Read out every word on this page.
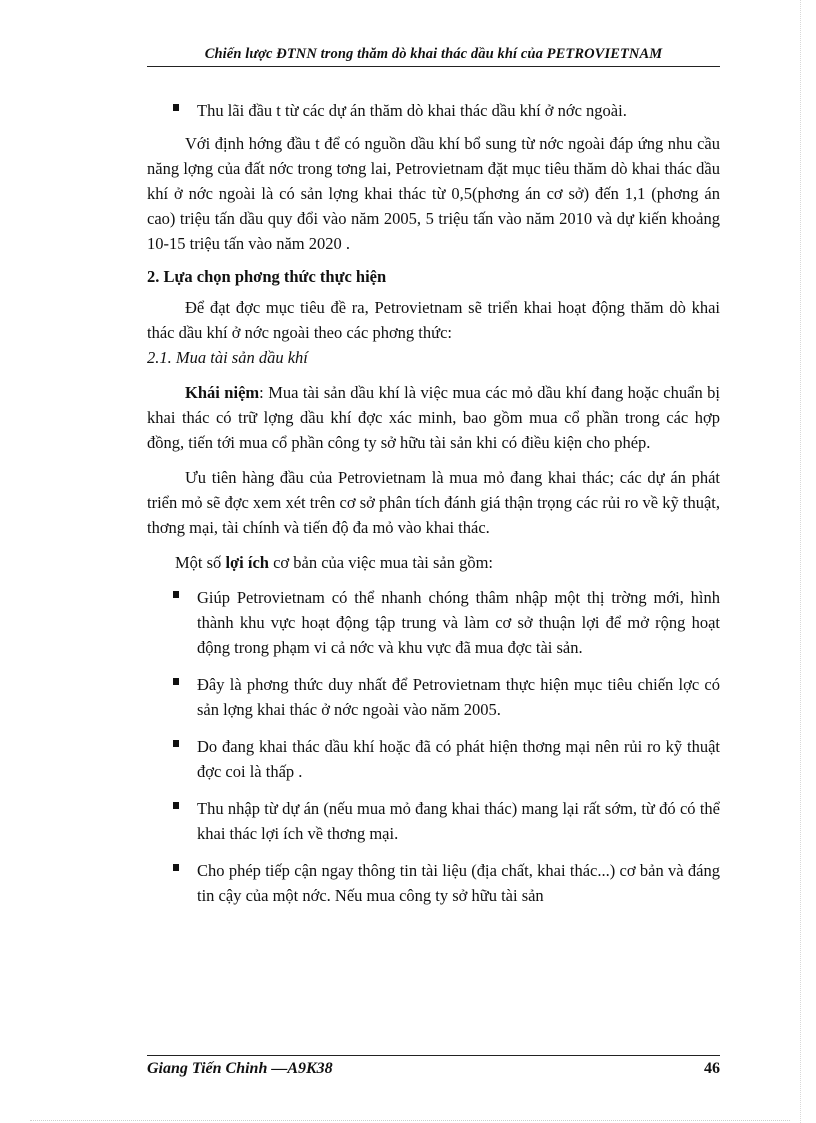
Chiến lược ĐTNN trong thăm dò khai thác dầu khí của PETROVIETNAM

Thu lãi đầu t từ các dự án thăm dò khai thác dầu khí ở nớc ngoài.

Với định hớng đầu t để có nguồn dầu khí bổ sung từ nớc ngoài đáp ứng nhu cầu năng lợng của đất nớc trong tơng lai, Petrovietnam đặt mục tiêu thăm dò khai thác dầu khí ở nớc ngoài là có sản lợng khai thác từ 0,5(phơng án cơ sở) đến 1,1 (phơng án cao) triệu tấn dầu quy đổi vào năm 2005, 5 triệu tấn vào năm 2010 và dự kiến khoảng 10-15 triệu tấn vào năm 2020 .

2. Lựa chọn phơng thức thực hiện

Để đạt đợc mục tiêu đề ra, Petrovietnam sẽ triển khai hoạt động thăm dò khai thác dầu khí ở nớc ngoài theo các phơng thức:
2.1. Mua tài sản dầu khí

Khái niệm: Mua tài sản dầu khí là việc mua các mỏ dầu khí đang hoặc chuẩn bị khai thác có trữ lợng dầu khí đợc xác minh, bao gồm mua cổ phần trong các hợp đồng, tiến tới mua cổ phần công ty sở hữu tài sản khi có điều kiện cho phép.

Ưu tiên hàng đầu của Petrovietnam là mua mỏ đang khai thác; các dự án phát triển mỏ sẽ đợc xem xét trên cơ sở phân tích đánh giá thận trọng các rủi ro về kỹ thuật, thơng mại, tài chính và tiến độ đa mỏ vào khai thác.

Một số lợi ích cơ bản của việc mua tài sản gồm:

Giúp Petrovietnam có thể nhanh chóng thâm nhập một thị trờng mới, hình thành khu vực hoạt động tập trung và làm cơ sở thuận lợi để mở rộng hoạt động trong phạm vi cả nớc và khu vực đã mua đợc tài sản.

Đây là phơng thức duy nhất để Petrovietnam thực hiện mục tiêu chiến lợc có sản lợng khai thác ở nớc ngoài vào năm 2005.

Do đang khai thác dầu khí hoặc đã có phát hiện thơng mại nên rủi ro kỹ thuật đợc coi là thấp .

Thu nhập từ dự án (nếu mua mỏ đang khai thác) mang lại rất sớm, từ đó có thể khai thác lợi ích về thơng mại.

Cho phép tiếp cận ngay thông tin tài liệu (địa chất, khai thác...) cơ bản và đáng tin cậy của một nớc. Nếu mua công ty sở hữu tài sản

Giang Tiến Chinh —A9K38	46
